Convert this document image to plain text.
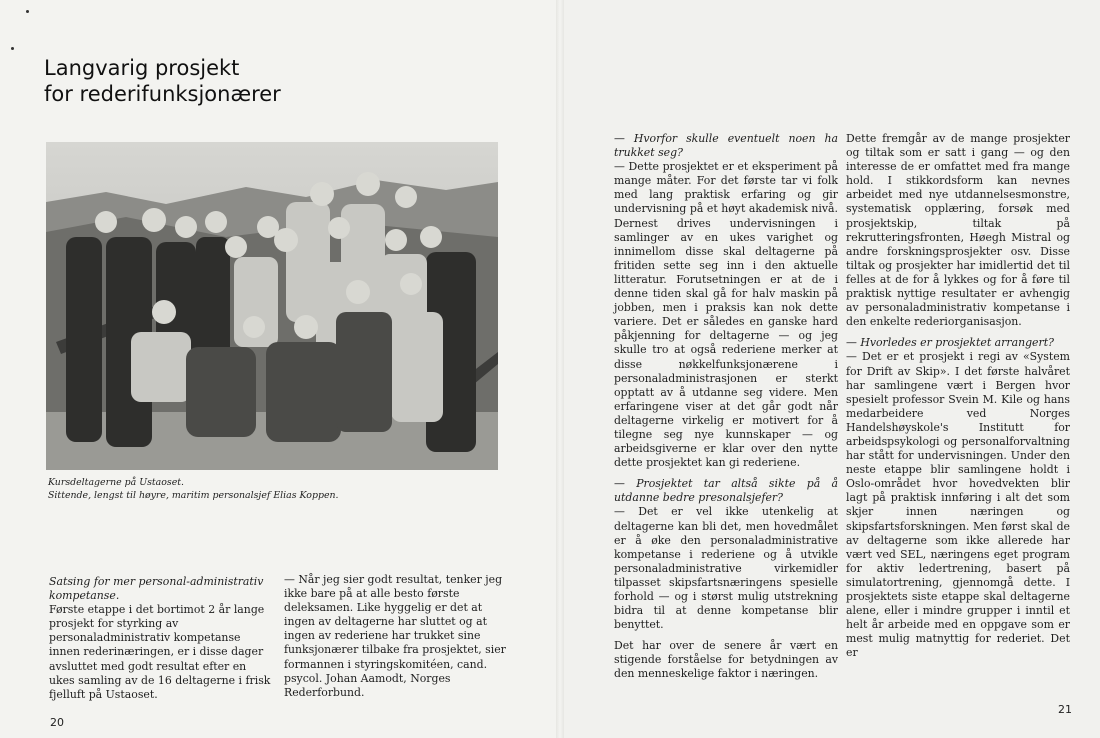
Langvarig prosjekt
for rederifunksjonærer
Kursdeltagerne på Ustaoset.
Sittende, lengst til høyre, maritim personalsjef Elias Koppen.

Satsing for mer personal-administrativ kompetanse.

Første etappe i det bortimot 2 år lange prosjekt for styrking av personaladministrativ kompetanse innen rederinæringen, er i disse dager avsluttet med godt resultat efter en ukes samling av de 16 deltagerne i frisk fjelluft på Ustaoset.

— Når jeg sier godt resultat, tenker jeg ikke bare på at alle besto første deleksamen. Like hyggelig er det at ingen av deltagerne har sluttet og at ingen av rederiene har trukket sine funksjonærer tilbake fra prosjektet, sier formannen i styringskomitéen, cand. psycol. Johan Aamodt, Norges Rederforbund.

— Hvorfor skulle eventuelt noen ha trukket seg?

— Dette prosjektet er et eksperiment på mange måter. For det første tar vi folk med lang praktisk erfaring og gir undervisning på et høyt akademisk nivå. Dernest drives undervisningen i samlinger av en ukes varighet og innimellom disse skal deltagerne på fritiden sette seg inn i den aktuelle litteratur. Forutsetningen er at de i denne tiden skal gå for halv maskin på jobben, men i praksis kan nok dette variere. Det er således en ganske hard påkjenning for deltagerne — og jeg skulle tro at også rederiene merker at disse nøkkelfunksjonærene i personaladministrasjonen er sterkt opptatt av å utdanne seg videre. Men erfaringene viser at det går godt når deltagerne virkelig er motivert for å tilegne seg nye kunnskaper — og arbeidsgiverne er klar over den nytte dette prosjektet kan gi rederiene.

— Prosjektet tar altså sikte på å utdanne bedre presonalsjefer?

— Det er vel ikke utenkelig at deltagerne kan bli det, men hovedmålet er å øke den personaladministrative kompetanse i rederiene og å utvikle personaladministrative virkemidler tilpasset skipsfartsnæringens spesielle forhold — og i størst mulig utstrekning bidra til at denne kompetanse blir benyttet.

Det har over de senere år vært en stigende forståelse for betydningen av den menneskelige faktor i næringen.

Dette fremgår av de mange prosjekter og tiltak som er satt i gang — og den interesse de er omfattet med fra mange hold. I stikkordsform kan nevnes arbeidet med nye utdannelsesmonstre, systematisk opplæring, forsøk med prosjektskip, tiltak på rekrutteringsfronten, Høegh Mistral og andre forskningsprosjekter osv. Disse tiltak og prosjekter har imidlertid det til felles at de for å lykkes og for å føre til praktisk nyttige resultater er avhengig av personaladministrativ kompetanse i den enkelte rederiorganisasjon.

— Hvorledes er prosjektet arrangert?

— Det er et prosjekt i regi av «System for Drift av Skip». I det første halvåret har samlingene vært i Bergen hvor spesielt professor Svein M. Kile og hans medarbeidere ved Norges Handelshøyskole's Institutt for arbeidspsykologi og personalforvaltning har stått for undervisningen. Under den neste etappe blir samlingene holdt i Oslo-området hvor hovedvekten blir lagt på praktisk innføring i alt det som skjer innen næringen og skipsfartsforskningen. Men først skal de av deltagerne som ikke allerede har vært ved SEL, næringens eget program for aktiv ledertrening, basert på simulatortrening, gjennomgå dette. I prosjektets siste etappe skal deltagerne alene, eller i mindre grupper i inntil et helt år arbeide med en oppgave som er mest mulig matnyttig for rederiet. Det er

20
21
